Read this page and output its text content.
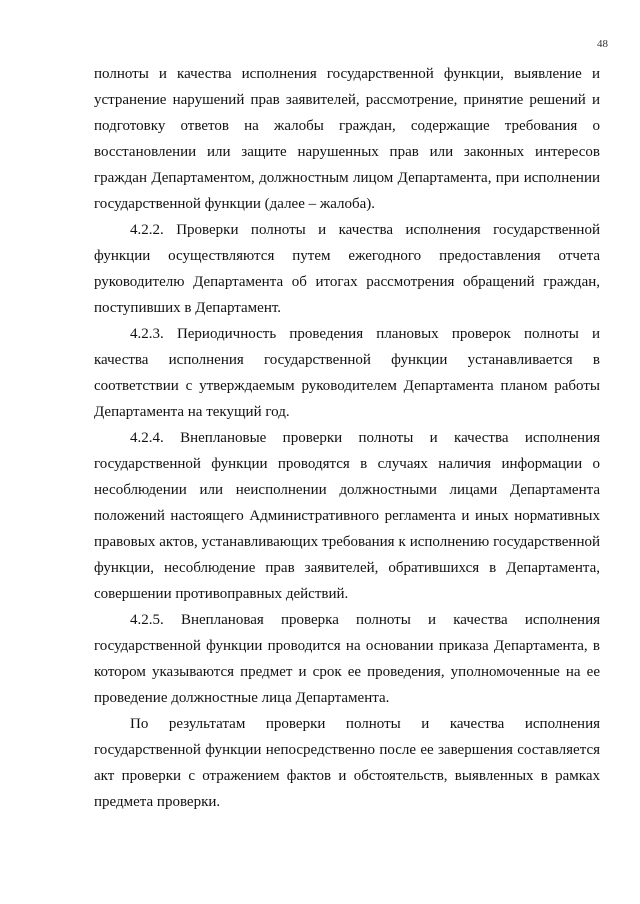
48

полноты и качества исполнения государственной функции, выявление и устранение нарушений прав заявителей, рассмотрение, принятие решений и подготовку ответов на жалобы граждан, содержащие требования о восстановлении или защите нарушенных прав или законных интересов граждан Департаментом, должностным лицом Департамента, при исполнении государственной функции (далее – жалоба).

4.2.2. Проверки полноты и качества исполнения государственной функции осуществляются путем ежегодного предоставления отчета руководителю Департамента об итогах рассмотрения обращений граждан, поступивших в Департамент.

4.2.3. Периодичность проведения плановых проверок полноты и качества исполнения государственной функции устанавливается в соответствии с утверждаемым руководителем Департамента планом работы Департамента на текущий год.

4.2.4. Внеплановые проверки полноты и качества исполнения государственной функции проводятся в случаях наличия информации о несоблюдении или неисполнении должностными лицами Департамента положений настоящего Административного регламента и иных нормативных правовых актов, устанавливающих требования к исполнению государственной функции, несоблюдение прав заявителей, обратившихся в Департамента, совершении противоправных действий.

4.2.5. Внеплановая проверка полноты и качества исполнения государственной функции проводится на основании приказа Департамента, в котором указываются предмет и срок ее проведения, уполномоченные на ее проведение должностные лица Департамента.

По результатам проверки полноты и качества исполнения государственной функции непосредственно после ее завершения составляется акт проверки с отражением фактов и обстоятельств, выявленных в рамках предмета проверки.
